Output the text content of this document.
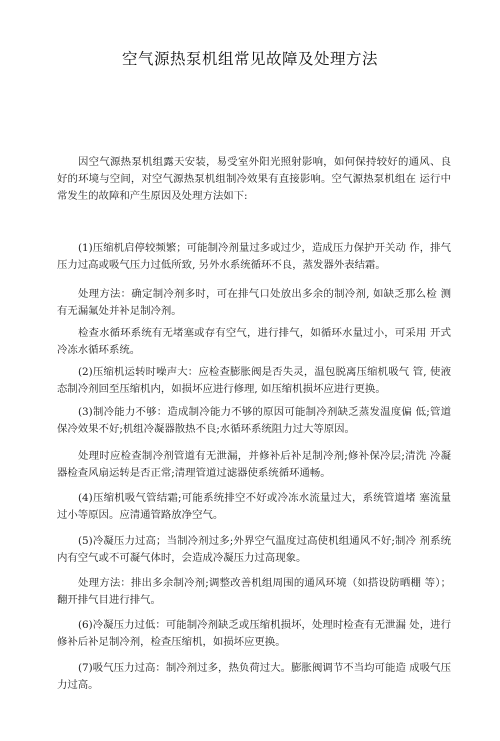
空气源热泵机组常见故障及处理方法

因空气源热泵机组露天安装，易受室外阳光照射影响，如何保持较好的通风、良好的环境与空间，对空气源热泵机组制冷效果有直接影响。空气源热泵机组在 运行中常发生的故障和产生原因及处理方法如下:

(1)压缩机启停较频繁；可能制冷剂量过多或过少，造成压力保护开关动 作，排气压力过高或吸气压力过低所致, 另外水系统循环不良，蒸发器外表结霜。

处理方法：确定制冷剂多时，可在排气口处放出多余的制冷剂, 如缺乏那么检 测有无漏氟处并补足制冷剂。

检查水循环系统有无堵塞或存有空气，进行排气，如循环水量过小，可采用 开式冷冻水循环系统。

(2)压缩机运转时噪声大：应检查膨胀阀是否失灵，温包脱离压缩机吸气 管, 使液态制冷剂回至压缩机内，如损坏应进行修理, 如压缩机损坏应进行更换。

(3)制冷能力不够：造成制冷能力不够的原因可能制冷剂缺乏蒸发温度偏 低;管道保冷效果不好;机组冷凝器散热不良;水循环系统阻力过大等原因。

处理时应检查制冷剂管道有无泄漏，并修补后补足制冷剂;修补保冷层;清洗 冷凝器检查风扇运转是否正常;清理管道过滤器使系统循环通畅。

(4)压缩机吸气管结霜;可能系统排空不好或冷冻水流量过大，系统管道堵 塞流量过小等原因。应清通管路放净空气。

(5)冷凝压力过高；当制冷剂过多;外界空气温度过高使机组通风不好;制冷 剂系统内有空气或不可凝气体时，会造成冷凝压力过高现象。

处理方法：排出多余制冷剂;调整改善机组周围的通风环境（如搭设防晒棚 等）；翻开排气目进行排气。

(6)冷凝压力过低：可能制冷剂缺乏或压缩机损坏，处理时检查有无泄漏 处，进行修补后补足制冷剂，检查压缩机，如损坏应更换。

(7)吸气压力过高：制冷剂过多，热负荷过大。膨胀阀调节不当均可能造 成吸气压力过高。
